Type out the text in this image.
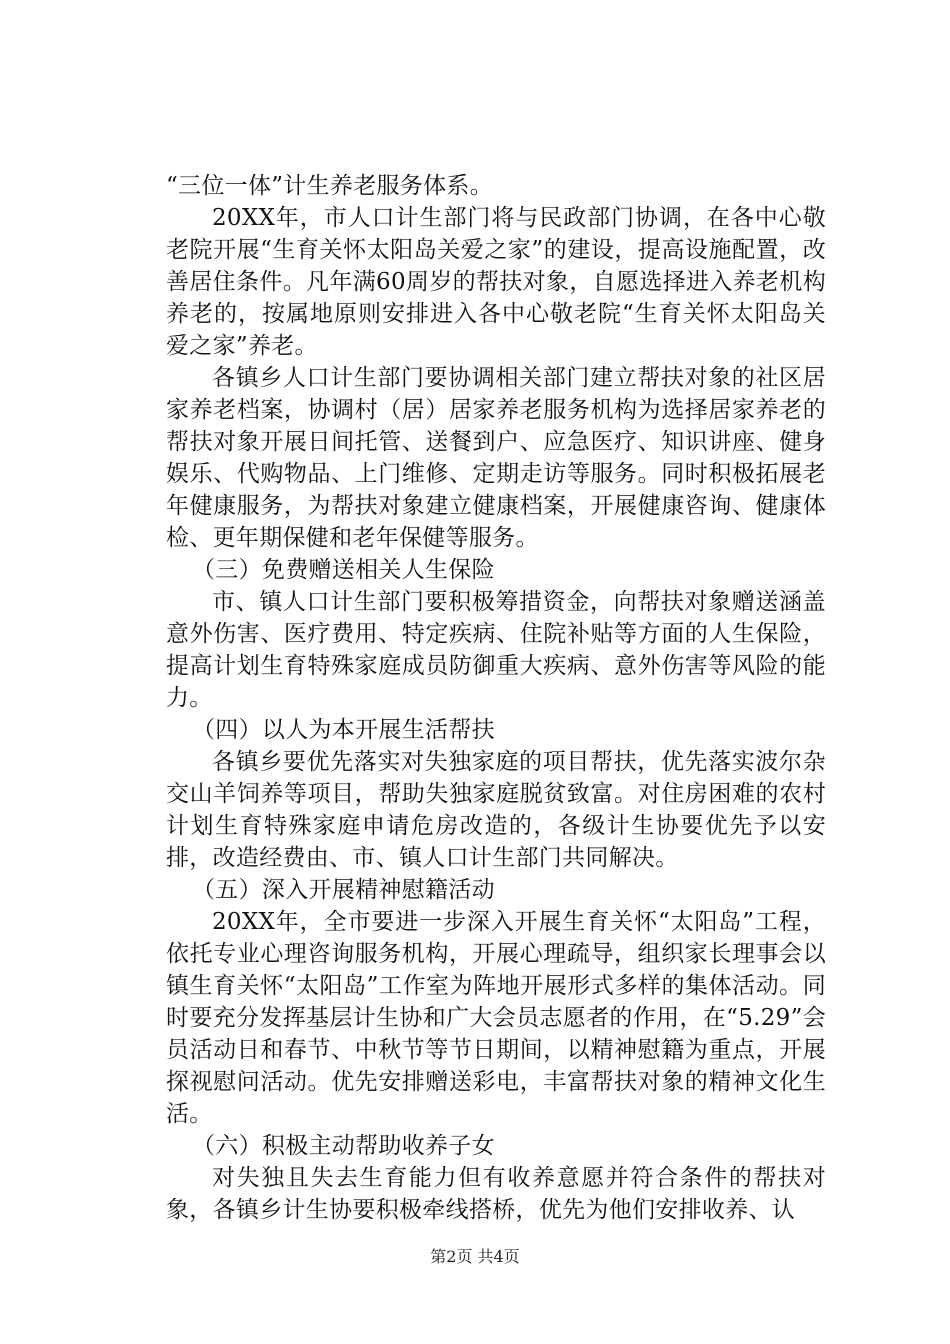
“三位一体”计生养老服务体系。

20XX年，市人口计生部门将与民政部门协调，在各中心敬老院开展“生育关怀太阳岛关爱之家”的建设，提高设施配置，改善居住条件。凡年满60周岁的帮扶对象，自愿选择进入养老机构养老的，按属地原则安排进入各中心敬老院“生育关怀太阳岛关爱之家”养老。

各镇乡人口计生部门要协调相关部门建立帮扶对象的社区居家养老档案，协调村（居）居家养老服务机构为选择居家养老的帮扶对象开展日间托管、送餐到户、应急医疗、知识讲座、健身娱乐、代购物品、上门维修、定期走访等服务。同时积极拓展老年健康服务，为帮扶对象建立健康档案，开展健康咨询、健康体检、更年期保健和老年保健等服务。

（三）免费赠送相关人生保险

市、镇人口计生部门要积极筹措资金，向帮扶对象赠送涵盖意外伤害、医疗费用、特定疾病、住院补贴等方面的人生保险，提高计划生育特殊家庭成员防御重大疾病、意外伤害等风险的能力。

（四）以人为本开展生活帮扶

各镇乡要优先落实对失独家庭的项目帮扶，优先落实波尔杂交山羊饲养等项目，帮助失独家庭脱贫致富。对住房困难的农村计划生育特殊家庭申请危房改造的，各级计生协要优先予以安排，改造经费由、市、镇人口计生部门共同解决。

（五）深入开展精神慰籍活动

20XX年，全市要进一步深入开展生育关怀“太阳岛”工程，依托专业心理咨询服务机构，开展心理疏导，组织家长理事会以镇生育关怀“太阳岛”工作室为阵地开展形式多样的集体活动。同时要充分发挥基层计生协和广大会员志愿者的作用，在“5.29”会员活动日和春节、中秋节等节日期间，以精神慰籍为重点，开展探视慰问活动。优先安排赠送彩电，丰富帮扶对象的精神文化生活。

（六）积极主动帮助收养子女

对失独且失去生育能力但有收养意愿并符合条件的帮扶对象，各镇乡计生协要积极牵线搭桥，优先为他们安排收养、认

第2页 共4页
